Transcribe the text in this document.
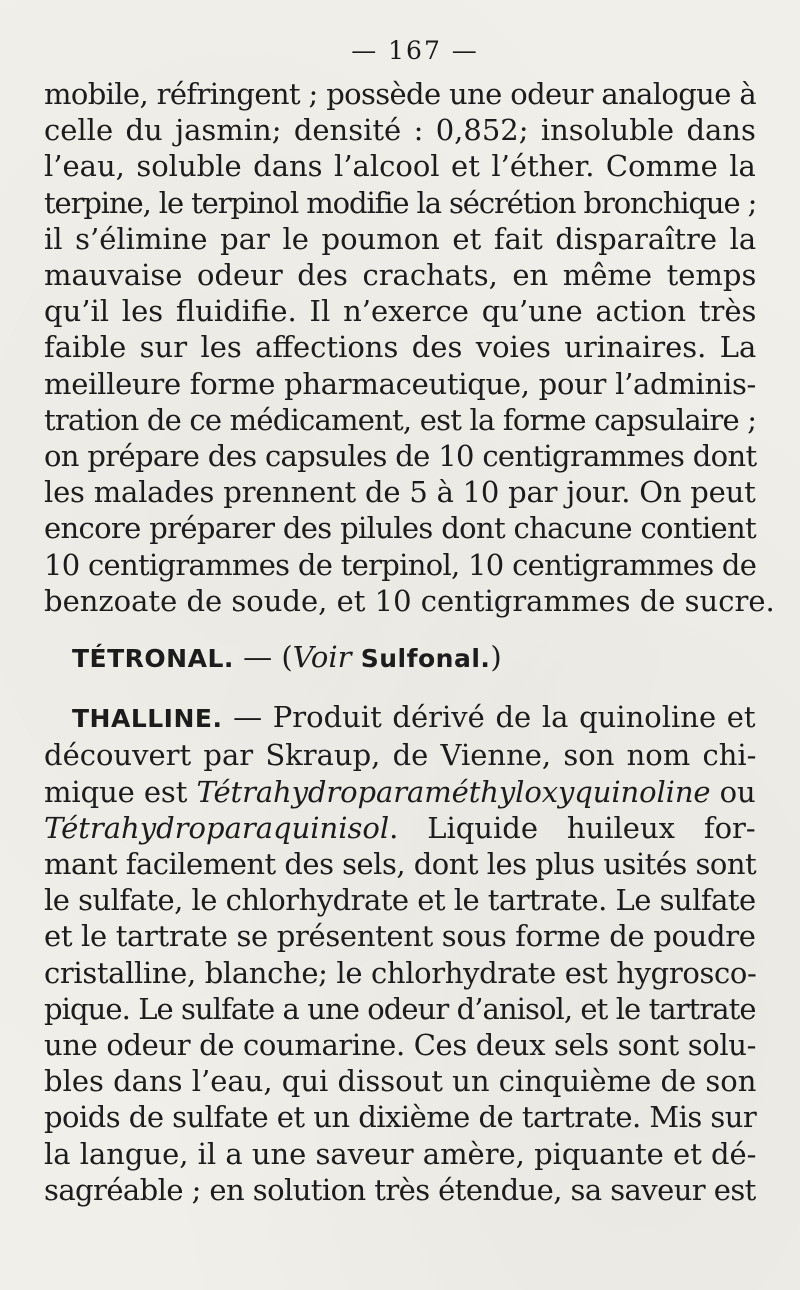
— 167 —
mobile, réfringent ; possède une odeur analogue à
celle du jasmin; densité : 0,852; insoluble dans
l’eau, soluble dans l’alcool et l’éther. Comme la
terpine, le terpinol modifie la sécrétion bronchique ;
il s’élimine par le poumon et fait disparaître la
mauvaise odeur des crachats, en même temps
qu’il les fluidifie. Il n’exerce qu’une action très
faible sur les affections des voies urinaires. La
meilleure forme pharmaceutique, pour l’adminis-
tration de ce médicament, est la forme capsulaire ;
on prépare des capsules de 10 centigrammes dont
les malades prennent de 5 à 10 par jour. On peut
encore préparer des pilules dont chacune contient
10 centigrammes de terpinol, 10 centigrammes de
benzoate de soude, et 10 centigrammes de sucre.
TÉTRONAL. — (Voir Sulfonal.)
THALLINE. — Produit dérivé de la quinoline et
découvert par Skraup, de Vienne, son nom chi-
mique est Tétrahydroparaméthyloxyquinoline ou
Tétrahydroparaquinisol. Liquide huileux for-
mant facilement des sels, dont les plus usités sont
le sulfate, le chlorhydrate et le tartrate. Le sulfate
et le tartrate se présentent sous forme de poudre
cristalline, blanche; le chlorhydrate est hygrosco-
pique. Le sulfate a une odeur d’anisol, et le tartrate
une odeur de coumarine. Ces deux sels sont solu-
bles dans l’eau, qui dissout un cinquième de son
poids de sulfate et un dixième de tartrate. Mis sur
la langue, il a une saveur amère, piquante et dé-
sagréable ; en solution très étendue, sa saveur est
